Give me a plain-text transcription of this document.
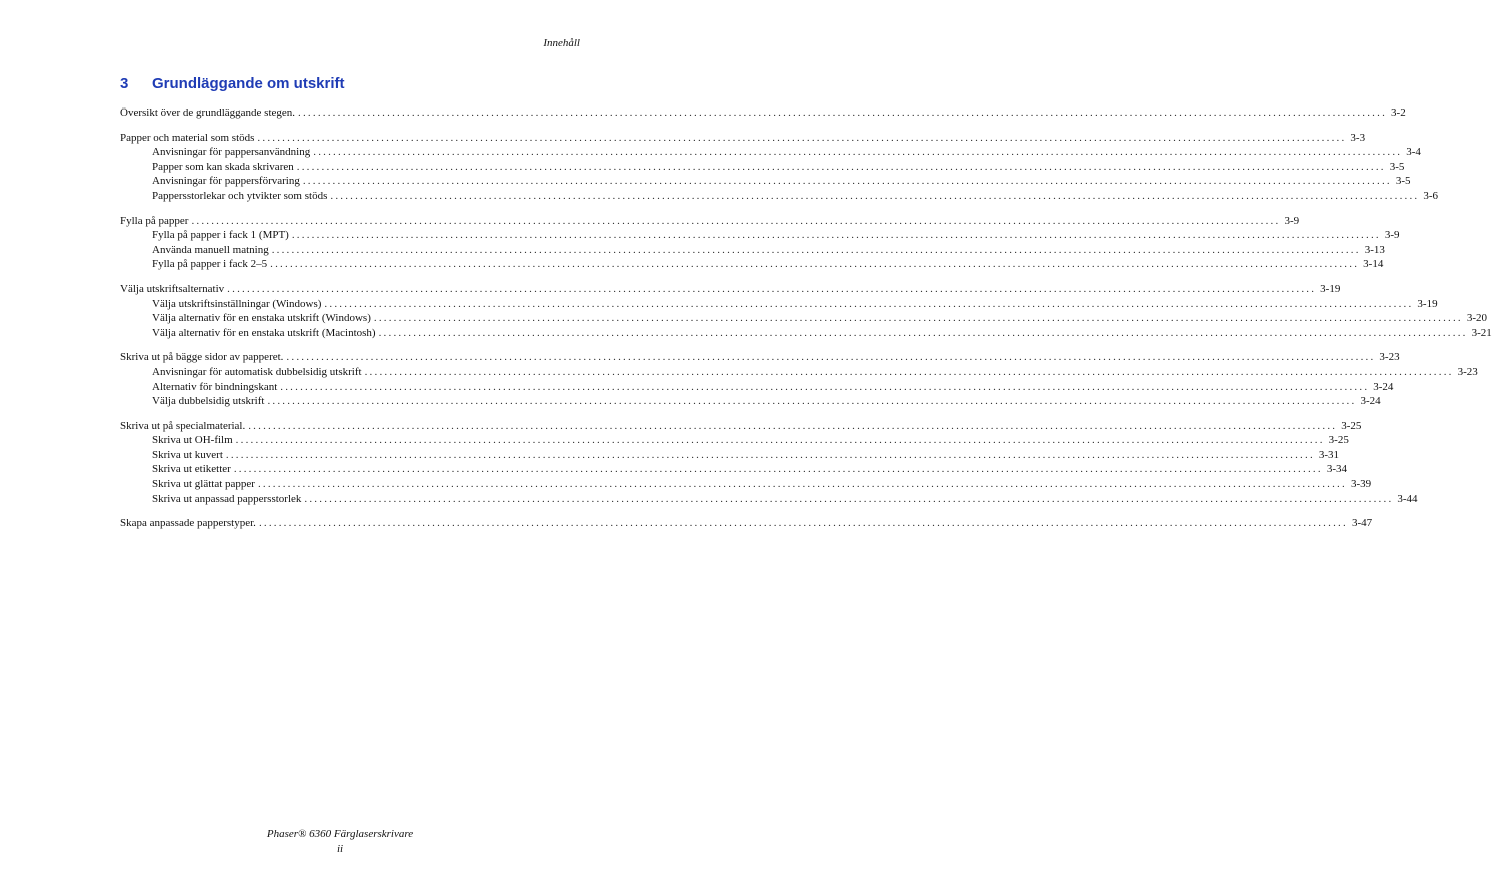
Innehåll
3 Grundläggande om utskrift
Översikt över de grundläggande stegen. ............................................................................................................................................................................................................................ 3-2
Papper och material som stöds ............................................................................................................................................................................................................................ 3-3
Anvisningar för pappersanvändning ............................................................................................................................................................................................................................ 3-4
Papper som kan skada skrivaren ............................................................................................................................................................................................................................ 3-5
Anvisningar för pappersförvaring ............................................................................................................................................................................................................................ 3-5
Pappersstorlekar och ytvikter som stöds ............................................................................................................................................................................................................................ 3-6
Fylla på papper ............................................................................................................................................................................................................................ 3-9
Fylla på papper i fack 1 (MPT) ............................................................................................................................................................................................................................ 3-9
Använda manuell matning ............................................................................................................................................................................................................................ 3-13
Fylla på papper i fack 2–5 ............................................................................................................................................................................................................................ 3-14
Välja utskriftsalternativ ............................................................................................................................................................................................................................ 3-19
Välja utskriftsinställningar (Windows) ............................................................................................................................................................................................................................ 3-19
Välja alternativ för en enstaka utskrift (Windows) ............................................................................................................................................................................................................................ 3-20
Välja alternativ för en enstaka utskrift (Macintosh) ............................................................................................................................................................................................................................ 3-21
Skriva ut på bägge sidor av papperet. ............................................................................................................................................................................................................................ 3-23
Anvisningar för automatisk dubbelsidig utskrift ............................................................................................................................................................................................................................ 3-23
Alternativ för bindningskant ............................................................................................................................................................................................................................ 3-24
Välja dubbelsidig utskrift ............................................................................................................................................................................................................................ 3-24
Skriva ut på specialmaterial. ............................................................................................................................................................................................................................ 3-25
Skriva ut OH-film ............................................................................................................................................................................................................................ 3-25
Skriva ut kuvert ............................................................................................................................................................................................................................ 3-31
Skriva ut etiketter ............................................................................................................................................................................................................................ 3-34
Skriva ut glättat papper ............................................................................................................................................................................................................................ 3-39
Skriva ut anpassad pappersstorlek ............................................................................................................................................................................................................................ 3-44
Skapa anpassade papperstyper. ............................................................................................................................................................................................................................ 3-47
Phaser® 6360 Färglaserskrivare
ii
